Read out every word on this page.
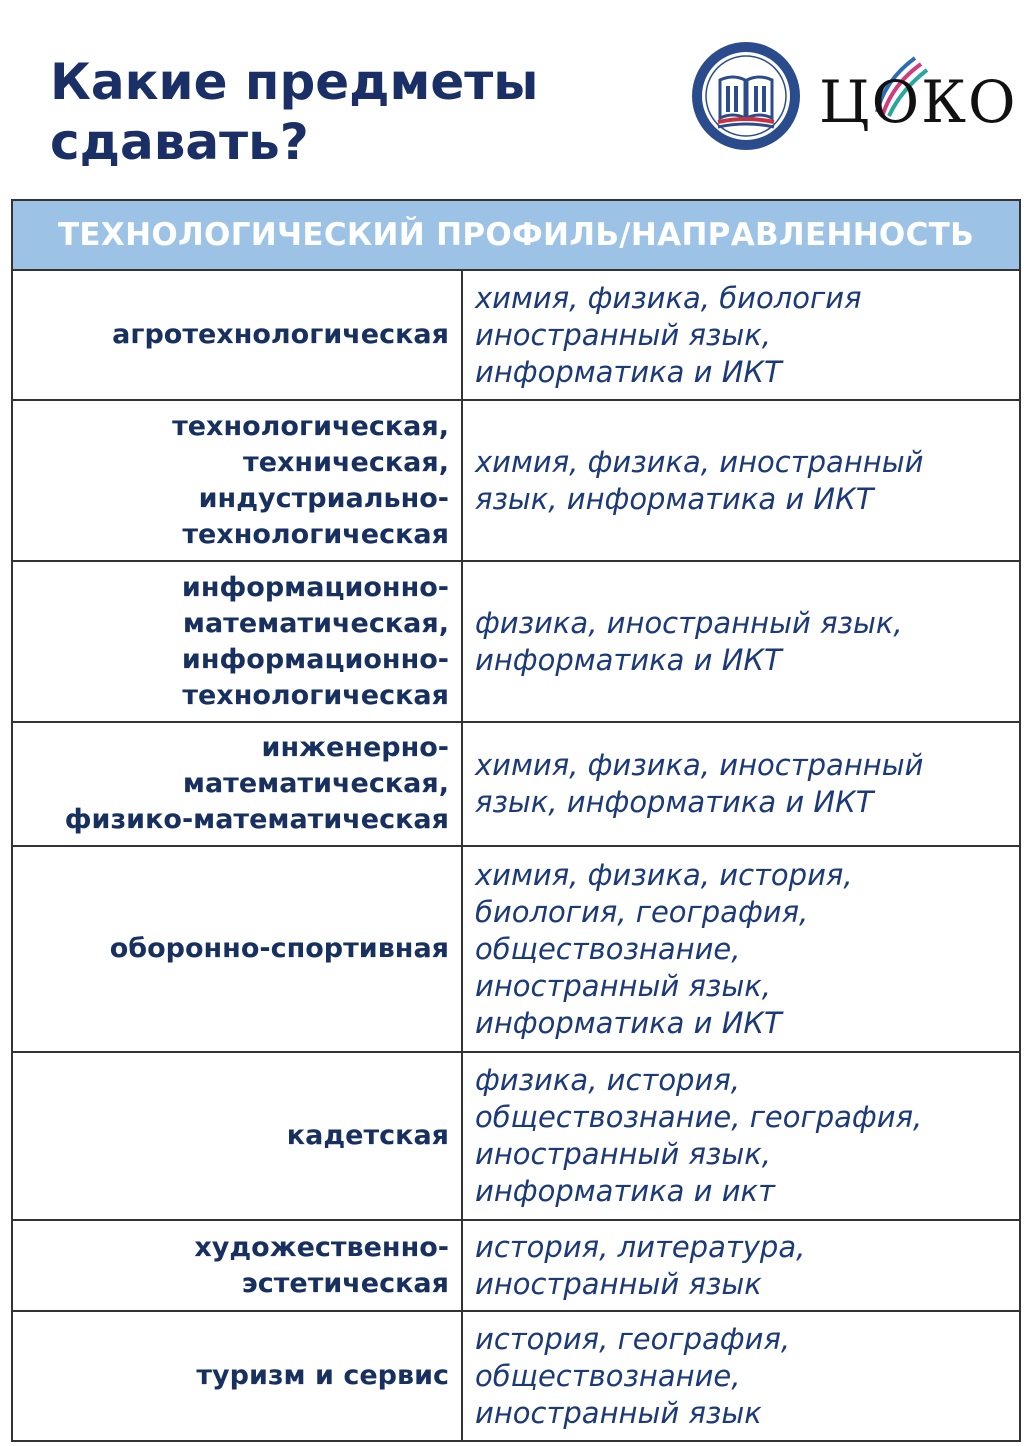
Какие предметы
сдавать?
ЦОКО
ТЕХНОЛОГИЧЕСКИЙ ПРОФИЛЬ/НАПРАВЛЕННОСТЬ
агротехнологическая
химия, физика, биология
иностранный язык,
информатика и ИКТ
технологическая,
техническая,
индустриально-
технологическая
химия, физика, иностранный
язык, информатика и ИКТ
информационно-
математическая,
информационно-
технологическая
физика, иностранный язык,
информатика и ИКТ
инженерно-
математическая,
физико-математическая
химия, физика, иностранный
язык, информатика и ИКТ
оборонно-спортивная
химия, физика, история,
биология, география,
обществознание,
иностранный язык,
информатика и ИКТ
кадетская
физика, история,
обществознание, география,
иностранный язык,
информатика и икт
художественно-
эстетическая
история, литература,
иностранный язык
туризм и сервис
история, география,
обществознание,
иностранный язык
